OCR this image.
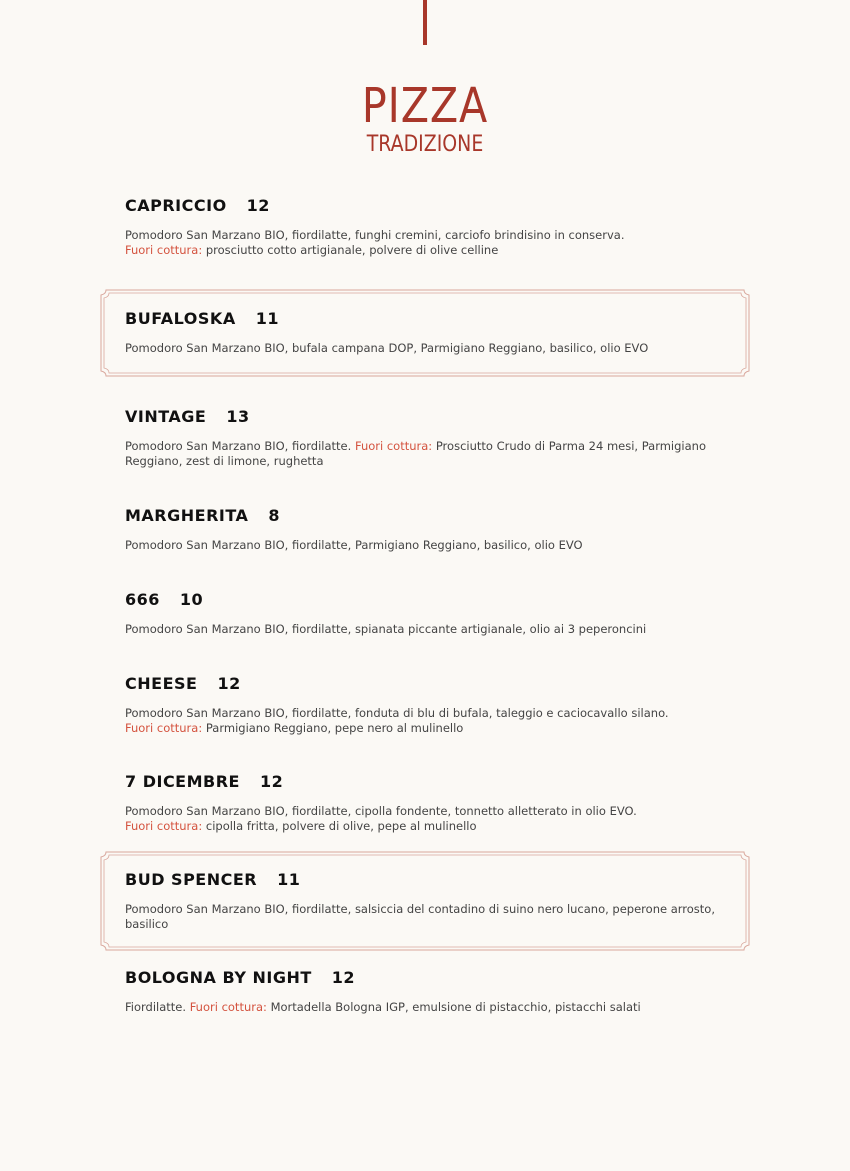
PIZZA
TRADIZIONE
CAPRICCIO 12
Pomodoro San Marzano BIO, fiordilatte, funghi cremini, carciofo brindisino in conserva.
Fuori cottura: prosciutto cotto artigianale, polvere di olive celline
BUFALOSKA 11
Pomodoro San Marzano BIO, bufala campana DOP, Parmigiano Reggiano, basilico, olio EVO
VINTAGE 13
Pomodoro San Marzano BIO, fiordilatte. Fuori cottura: Prosciutto Crudo di Parma 24 mesi, Parmigiano Reggiano, zest di limone, rughetta
MARGHERITA 8
Pomodoro San Marzano BIO, fiordilatte, Parmigiano Reggiano, basilico, olio EVO
666 10
Pomodoro San Marzano BIO, fiordilatte, spianata piccante artigianale, olio ai 3 peperoncini
CHEESE 12
Pomodoro San Marzano BIO, fiordilatte, fonduta di blu di bufala, taleggio e caciocavallo silano.
Fuori cottura: Parmigiano Reggiano, pepe nero al mulinello
7 DICEMBRE 12
Pomodoro San Marzano BIO, fiordilatte, cipolla fondente, tonnetto alletterato in olio EVO.
Fuori cottura: cipolla fritta, polvere di olive, pepe al mulinello
BUD SPENCER 11
Pomodoro San Marzano BIO, fiordilatte, salsiccia del contadino di suino nero lucano, peperone arrosto, basilico
BOLOGNA BY NIGHT 12
Fiordilatte. Fuori cottura: Mortadella Bologna IGP, emulsione di pistacchio, pistacchi salati
